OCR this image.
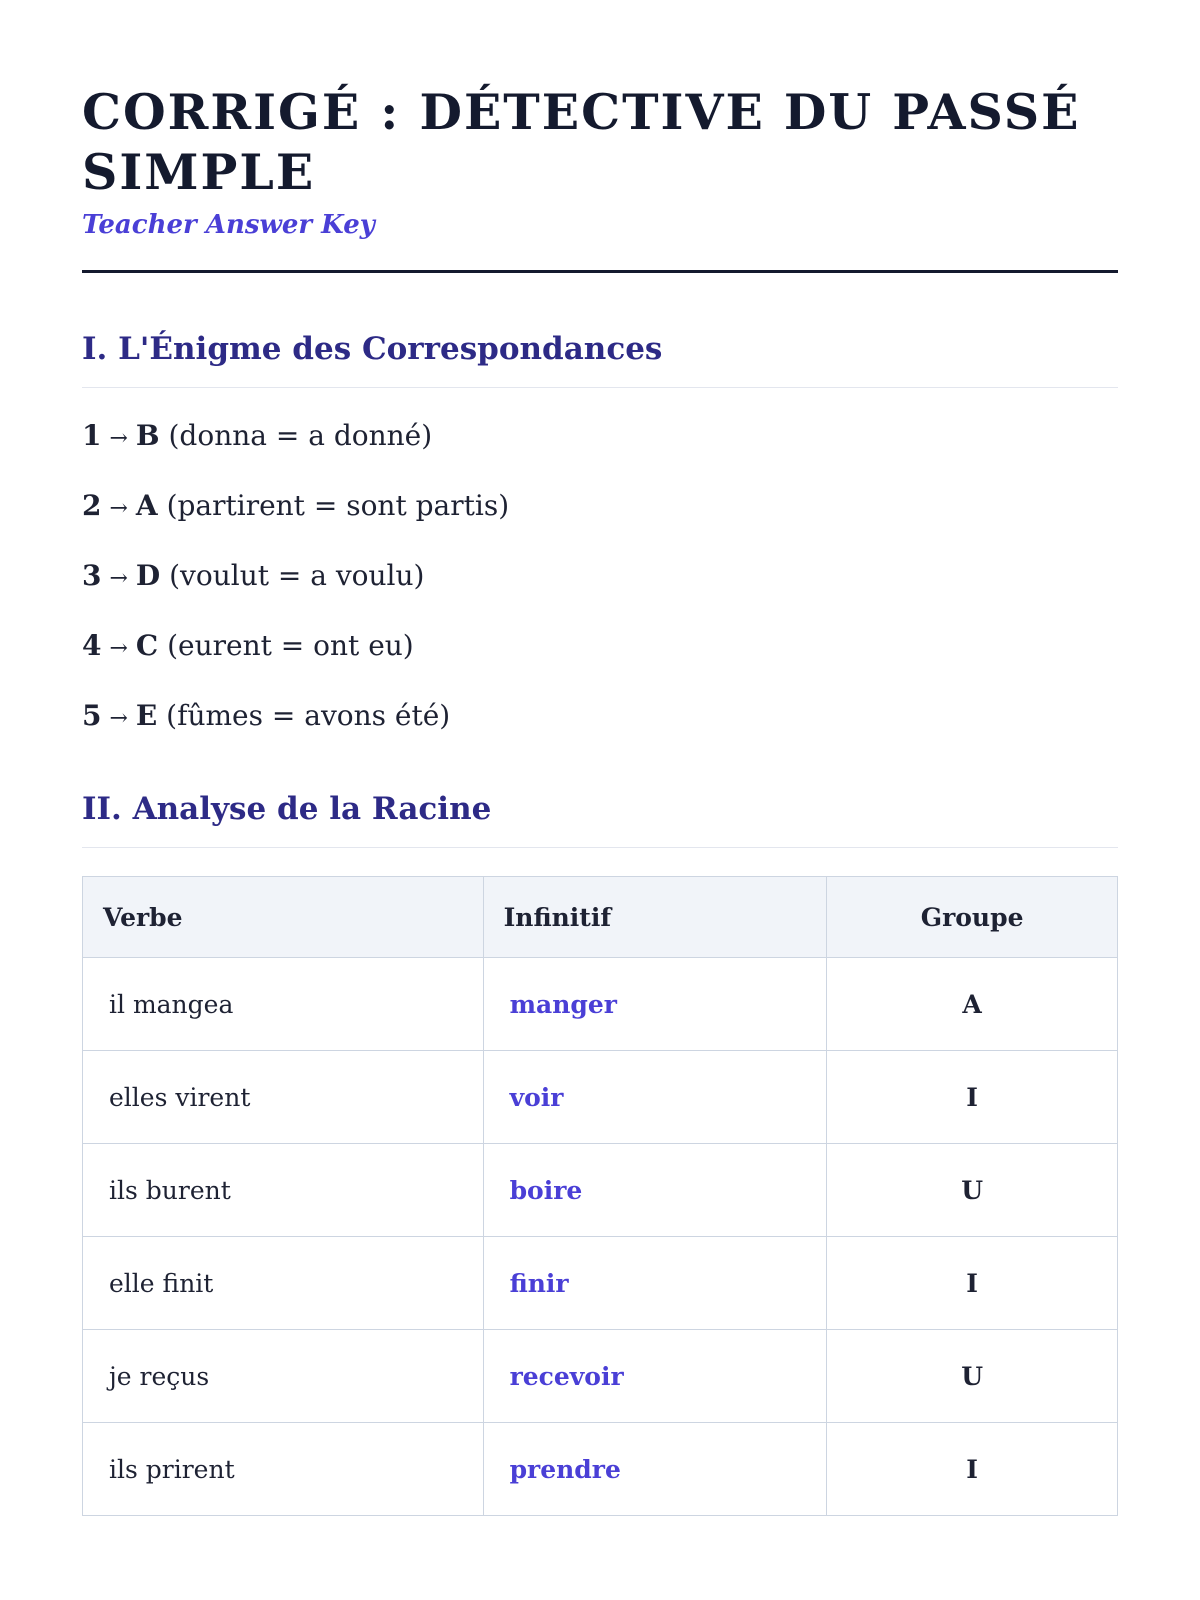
CORRIGÉ : DÉTECTIVE DU PASSÉ SIMPLE
Teacher Answer Key
I. L'Énigme des Correspondances
1 → B (donna = a donné)
2 → A (partirent = sont partis)
3 → D (voulut = a voulu)
4 → C (eurent = ont eu)
5 → E (fûmes = avons été)
II. Analyse de la Racine
Verbe	Infinitif	Groupe
il mangea	manger	A
elles virent	voir	I
ils burent	boire	U
elle finit	finir	I
je reçus	recevoir	U
ils prirent	prendre	I
